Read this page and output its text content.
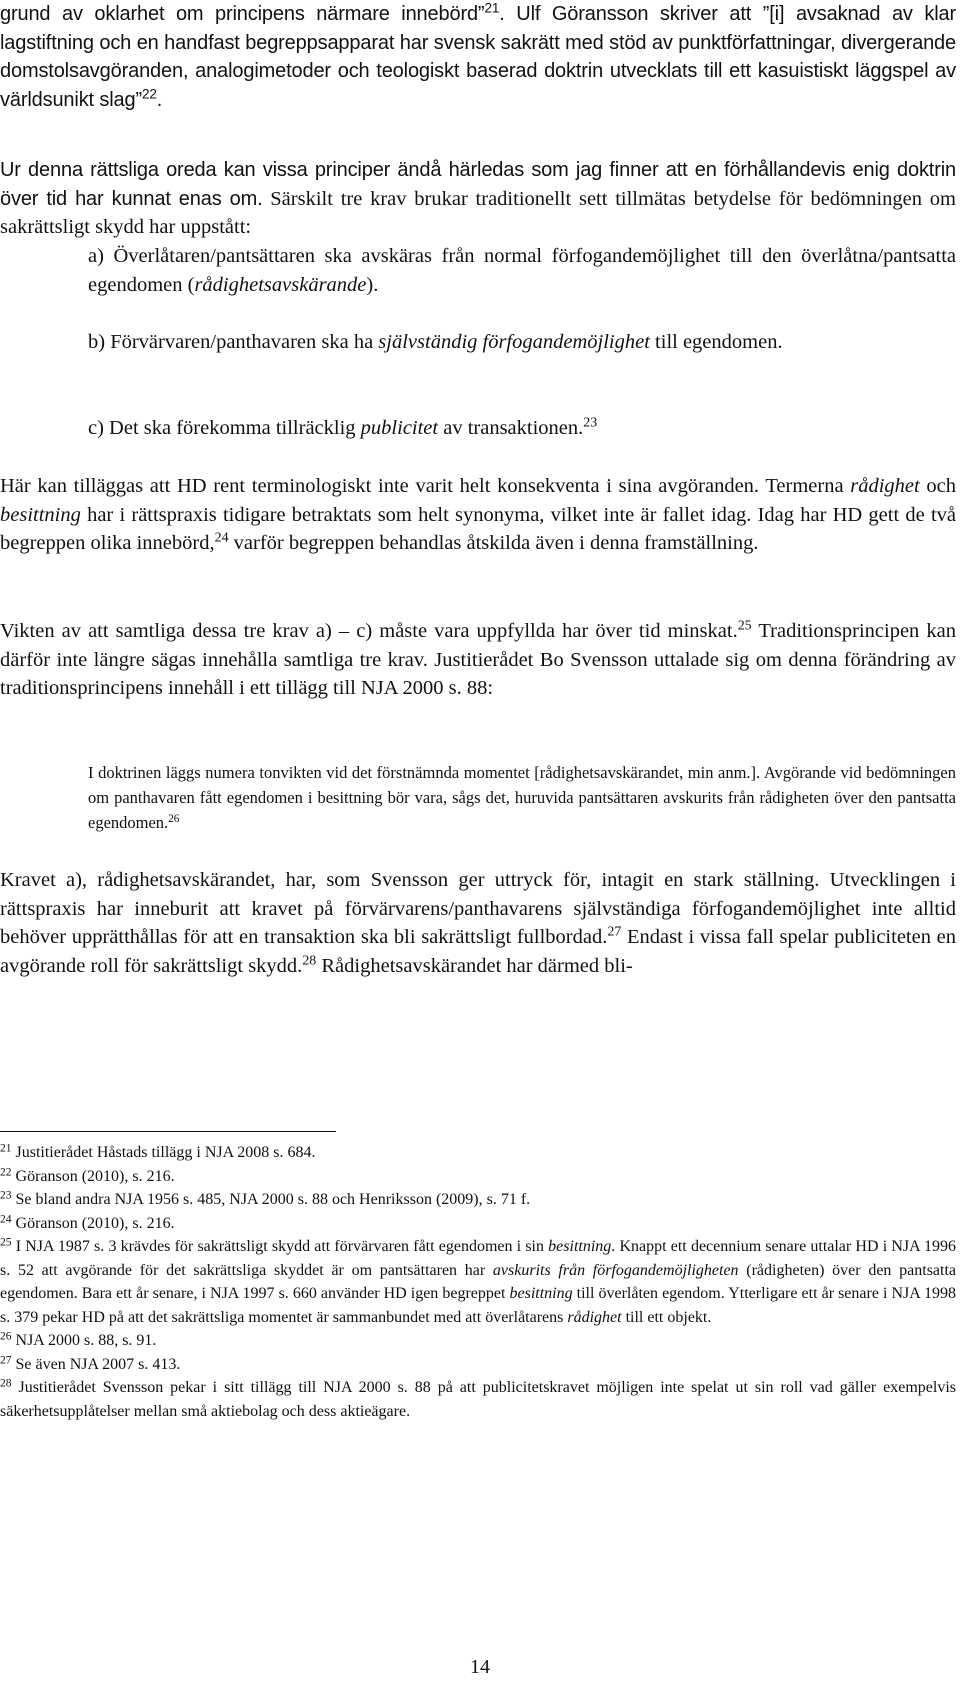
grund av oklarhet om principens närmare innebörd”$^{21}$. Ulf Göransson skriver att ”[i] avsaknad av klar lagstiftning och en handfast begreppsapparat har svensk sakrätt med stöd av punktförfattningar, divergerande domstolsavgöranden, analogimetoder och teologiskt baserad doktrin utvecklats till ett kasuistiskt läggspel av världsunikt slag”$^{22}$.

Ur denna rättsliga oreda kan vissa principer ändå härledas som jag finner att en förhållandevis enig doktrin över tid har kunnat enas om. Särskilt tre krav brukar traditionellt sett tillmätas betydelse för bedömningen om sakrättsligt skydd har uppstått:

a) Överlåtaren/pantsättaren ska avskäras från normal förfogandemöjlighet till den överlåtna/pantsatta egendomen (rådighetsavskärande).

b) Förvärvaren/panthavaren ska ha självständig förfogandemöjlighet till egendomen.

c) Det ska förekomma tillräcklig publicitet av transaktionen.$^{23}$

Här kan tilläggas att HD rent terminologiskt inte varit helt konsekventa i sina avgöranden. Termerna rådighet och besittning har i rättspraxis tidigare betraktats som helt synonyma, vilket inte är fallet idag. Idag har HD gett de två begreppen olika innebörd,$^{24}$ varför begreppen behandlas åtskilda även i denna framställning.

Vikten av att samtliga dessa tre krav a) – c) måste vara uppfyllda har över tid minskat.$^{25}$ Traditionsprincipen kan därför inte längre sägas innehålla samtliga tre krav. Justitierådet Bo Svensson uttalade sig om denna förändring av traditionsprincipens innehåll i ett tillägg till NJA 2000 s. 88:

I doktrinen läggs numera tonvikten vid det förstnämnda momentet [rådighetsavskärandet, min anm.]. Avgörande vid bedömningen om panthavaren fått egendomen i besittning bör vara, sågs det, huruvida pantsättaren avskurits från rådigheten över den pantsatta egendomen.$^{26}$

Kravet a), rådighetsavskärandet, har, som Svensson ger uttryck för, intagit en stark ställning. Utvecklingen i rättspraxis har inneburit att kravet på förvärvarens/panthavarens självständiga förfogandemöjlighet inte alltid behöver upprätthållas för att en transaktion ska bli sakrättsligt fullbordad.$^{27}$ Endast i vissa fall spelar publiciteten en avgörande roll för sakrättsligt skydd.$^{28}$ Rådighetsavskärandet har därmed bli-

$^{21}$ Justitierådet Håstads tillägg i NJA 2008 s. 684.

$^{22}$ Göranson (2010), s. 216.

$^{23}$ Se bland andra NJA 1956 s. 485, NJA 2000 s. 88 och Henriksson (2009), s. 71 f.

$^{24}$ Göranson (2010), s. 216.

$^{25}$ I NJA 1987 s. 3 krävdes för sakrättsligt skydd att förvärvaren fått egendomen i sin besittning. Knappt ett decennium senare uttalar HD i NJA 1996 s. 52 att avgörande för det sakrättsliga skyddet är om pantsättaren har avskurits från förfogandemöjligheten (rådigheten) över den pantsatta egendomen. Bara ett år senare, i NJA 1997 s. 660 använder HD igen begreppet besittning till överlåten egendom. Ytterligare ett år senare i NJA 1998 s. 379 pekar HD på att det sakrättsliga momentet är sammanbundet med att överlåtarens rådighet till ett objekt.

$^{26}$ NJA 2000 s. 88, s. 91.

$^{27}$ Se även NJA 2007 s. 413.

$^{28}$ Justitierådet Svensson pekar i sitt tillägg till NJA 2000 s. 88 på att publicitetskravet möjligen inte spelat ut sin roll vad gäller exempelvis säkerhetsupplåtelser mellan små aktiebolag och dess aktieägare.

14
